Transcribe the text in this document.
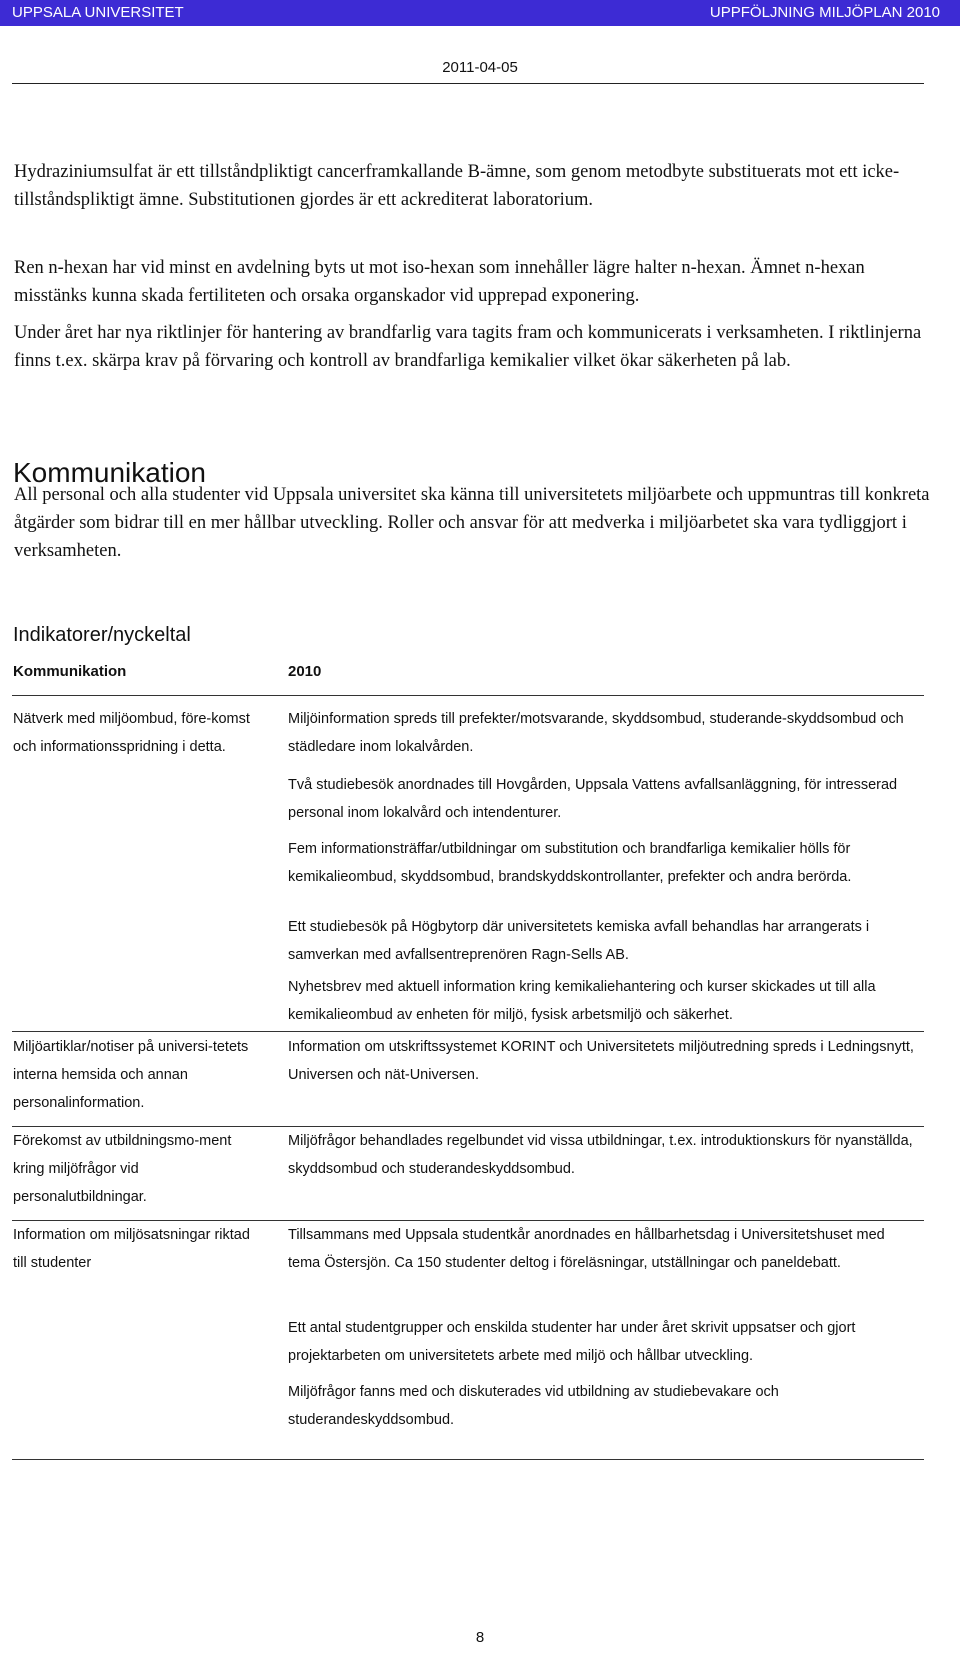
UPPSALA UNIVERSITET	UPPFÖLJNING MILJÖPLAN 2010
2011-04-05

Hydraziniumsulfat är ett tillståndpliktigt cancerframkallande B-ämne, som genom metodbyte substituerats mot ett icke-tillståndspliktigt ämne. Substitutionen gjordes är ett ackrediterat laboratorium.

Ren n-hexan har vid minst en avdelning byts ut mot iso-hexan som innehåller lägre halter n-hexan. Ämnet n-hexan misstänks kunna skada fertiliteten och orsaka organskador vid upprepad exponering.

Under året har nya riktlinjer för hantering av brandfarlig vara tagits fram och kommunicerats i verksamheten. I riktlinjerna finns t.ex. skärpa krav på förvaring och kontroll av brandfarliga kemikalier vilket ökar säkerheten på lab.

Kommunikation

All personal och alla studenter vid Uppsala universitet ska känna till universitetets miljöarbete och uppmuntras till konkreta åtgärder som bidrar till en mer hållbar utveckling. Roller och ansvar för att medverka i miljöarbetet ska vara tydliggjort i verksamheten.

Indikatorer/nyckeltal
Kommunikation	2010

Nätverk med miljöombud, före-komst och informationsspridning i detta.

Miljöinformation spreds till prefekter/motsvarande, skyddsombud, studerande-skyddsombud och städledare inom lokalvården.

Två studiebesök anordnades till Hovgården, Uppsala Vattens avfallsanläggning, för intresserad personal inom lokalvård och intendenturer.

Fem informationsträffar/utbildningar om substitution och brandfarliga kemikalier hölls för kemikalieombud, skyddsombud, brandskyddskontrollanter, prefekter och andra berörda.

Ett studiebesök på Högbytorp där universitetets kemiska avfall behandlas har arrangerats i samverkan med avfallsentreprenören Ragn-Sells AB.

Nyhetsbrev med aktuell information kring kemikaliehantering och kurser skickades ut till alla kemikalieombud av enheten för miljö, fysisk arbetsmiljö och säkerhet.

Miljöartiklar/notiser på universi-tetets interna hemsida och annan personalinformation.

Information om utskriftssystemet KORINT och Universitetets miljöutredning spreds i Ledningsnytt, Universen och nät-Universen.

Förekomst av utbildningsmo-ment kring miljöfrågor vid personalutbildningar.

Miljöfrågor behandlades regelbundet vid vissa utbildningar, t.ex. introduktionskurs för nyanställda, skyddsombud och studerandeskyddsombud.

Information om miljösatsningar riktad till studenter

Tillsammans med Uppsala studentkår anordnades en hållbarhetsdag i Universitetshuset med tema Östersjön. Ca 150 studenter deltog i föreläsningar, utställningar och paneldebatt.

Ett antal studentgrupper och enskilda studenter har under året skrivit uppsatser och gjort projektarbeten om universitetets arbete med miljö och hållbar utveckling.

Miljöfrågor fanns med och diskuterades vid utbildning av studiebevakare och studerandeskyddsombud.

8
